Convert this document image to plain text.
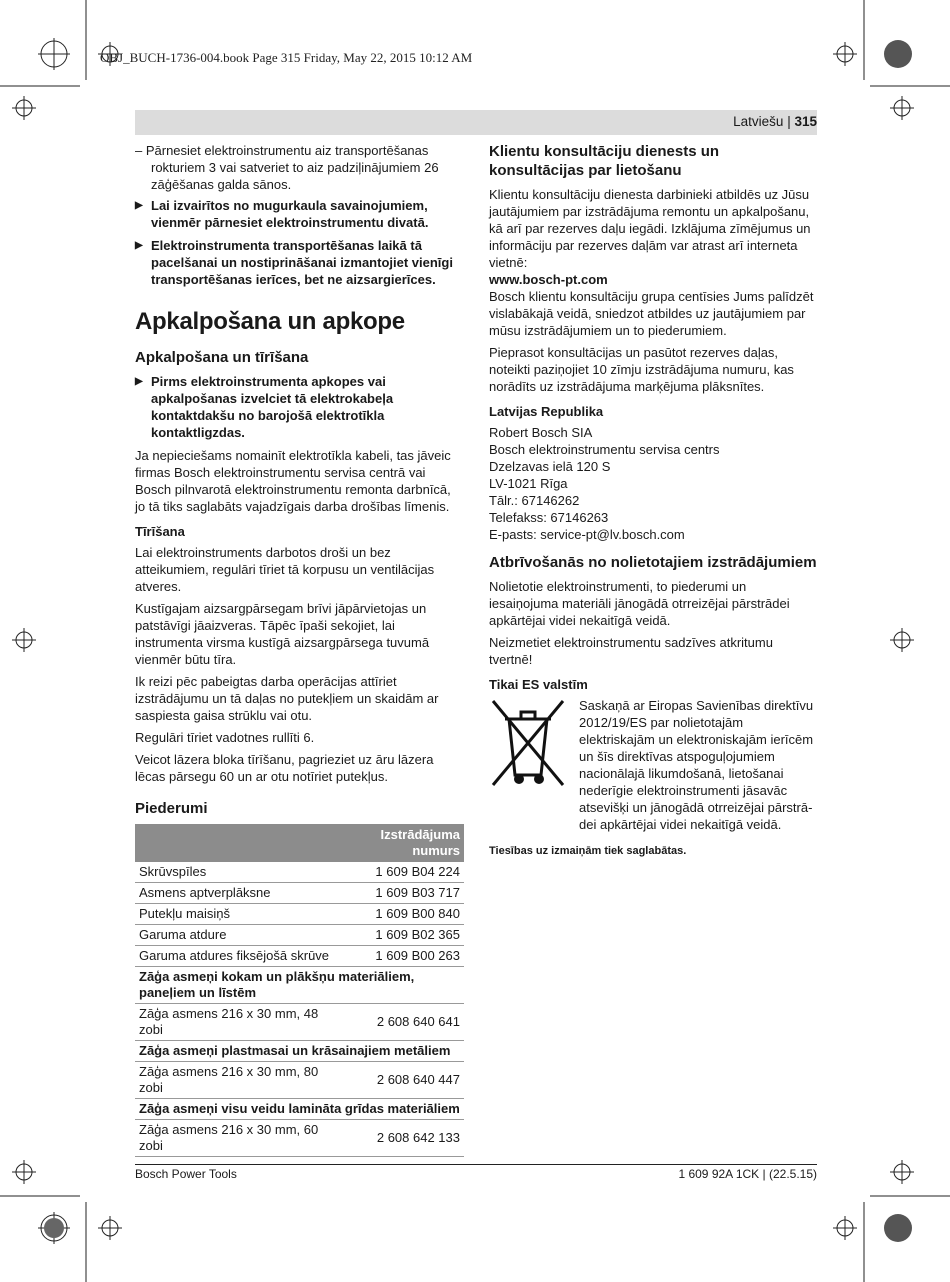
OBJ_BUCH-1736-004.book Page 315 Friday, May 22, 2015 10:12 AM
Latviešu | 315

– Pārnesiet elektroinstrumentu aiz transportēšanas rokturiem 3 vai satveriet to aiz padziļinājumiem 26 zāģēšanas galda sānos.

▶ Lai izvairītos no mugurkaula savainojumiem, vienmēr pārnesiet elektroinstrumentu divatā.

▶ Elektroinstrumenta transportēšanas laikā tā pacelšanai un nostiprināšanai izmantojiet vienīgi transportēšanas ierīces, bet ne aizsargierīces.

Apkalpošana un apkope
Apkalpošana un tīrīšana

▶ Pirms elektroinstrumenta apkopes vai apkalpošanas izvelciet tā elektrokabeļa kontaktdakšu no barojošā elektrotīkla kontaktligzdas.

Ja nepieciešams nomainīt elektrotīkla kabeli, tas jāveic firmas Bosch elektroinstrumentu servisa centrā vai Bosch pilnvarotā elektroinstrumentu remonta darbnīcā, jo tā tiks saglabāts vajadzīgais darba drošības līmenis.

Tīrīšana

Lai elektroinstruments darbotos droši un bez atteikumiem, regulāri tīriet tā korpusu un ventilācijas atveres.

Kustīgajam aizsargpārsegam brīvi jāpārvietojas un patstāvīgi jāaizveras. Tāpēc īpaši sekojiet, lai instrumenta virsma kustīgā aizsargpārsega tuvumā vienmēr būtu tīra.

Ik reizi pēc pabeigtas darba operācijas attīriet izstrādājumu un tā daļas no putekļiem un skaidām ar saspiesta gaisa strūklu vai otu.

Regulāri tīriet vadotnes rullīti 6.

Veicot lāzera bloka tīrīšanu, pagrieziet uz āru lāzera lēcas pārsegu 60 un ar otu notīriet putekļus.

Piederumi
	Izstrādājuma numurs
Skrūvspīles	1 609 B04 224
Asmens aptverplāksne	1 609 B03 717
Putekļu maisiņš	1 609 B00 840
Garuma atdure	1 609 B02 365
Garuma atdures fiksējošā skrūve	1 609 B00 263
Zāģa asmeņi kokam un plākšņu materiāliem, paneļiem un līstēm	
Zāģa asmens 216 x 30 mm, 48 zobi	2 608 640 641
Zāģa asmeņi plastmasai un krāsainajiem metāliem	
Zāģa asmens 216 x 30 mm, 80 zobi	2 608 640 447
Zāģa asmeņi visu veidu lamināta grīdas materiāliem	
Zāģa asmens 216 x 30 mm, 60 zobi	2 608 642 133
Klientu konsultāciju dienests un konsultācijas par lietošanu

Klientu konsultāciju dienesta darbinieki atbildēs uz Jūsu jautājumiem par izstrādājuma remontu un apkalpošanu, kā arī par rezerves daļu iegādi. Izklājuma zīmējumus un informāciju par rezerves daļām var atrast arī interneta vietnē:

www.bosch-pt.com

Bosch klientu konsultāciju grupa centīsies Jums palīdzēt vislabākajā veidā, sniedzot atbildes uz jautājumiem par mūsu izstrādājumiem un to piederumiem.

Pieprasot konsultācijas un pasūtot rezerves daļas, noteikti paziņojiet 10 zīmju izstrādājuma numuru, kas norādīts uz izstrādājuma marķējuma plāksnītes.

Latvijas Republika
Robert Bosch SIA
Bosch elektroinstrumentu servisa centrs
Dzelzavas ielā 120 S
LV-1021 Rīga
Tālr.: 67146262
Telefakss: 67146263
E-pasts: service-pt@lv.bosch.com
Atbrīvošanās no nolietotajiem izstrādājumiem

Nolietotie elektroinstrumenti, to piederumi un iesaiņojuma materiāli jānogādā otrreizējai pārstrādei apkārtējai videi nekaitīgā veidā.

Neizmetiet elektroinstrumentu sadzīves atkritumu tvertnē!

Tikai ES valstīm

Saskaņā ar Eiropas Savienības direktīvu 2012/19/ES par nolietotajām elektriskajām un elektroniskajām ierīcēm un šīs direktīvas atspoguļojumiem nacionālajā likumdošanā, lietošanai nederīgie elektroinstrumenti jāsavāc atsevišķi un jānogādā otrreizējai pārstrādei apkārtējai videi nekaitīgā veidā.

Tiesības uz izmaiņām tiek saglabātas.

Bosch Power Tools	1 609 92A 1CK | (22.5.15)
